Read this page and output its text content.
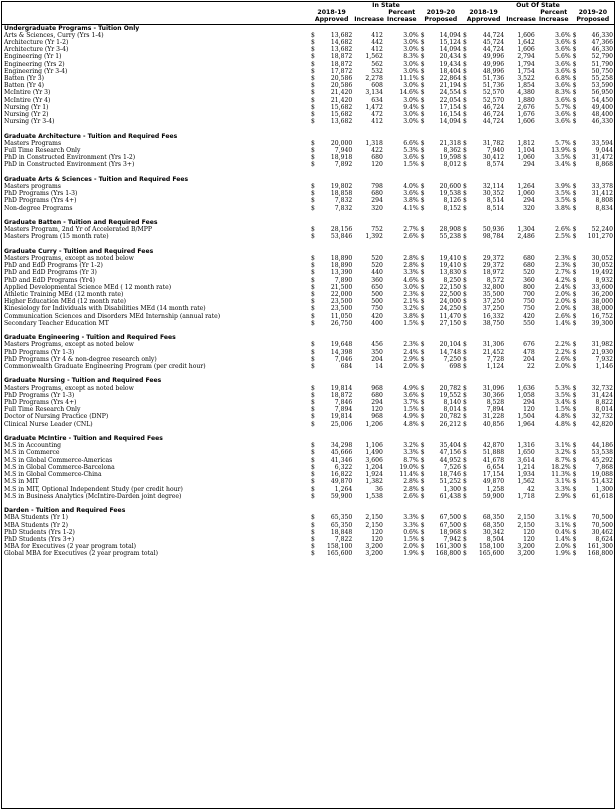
	In State						Out Of State					
	2018-19			Percent	2019-20		2018-19			Percent	2019-20	
	Approved		Increase	Increase	Proposed		Approved		Increase	Increase	Proposed	
Undergraduate Programs - Tuition Only												
Arts & Sciences, Curry (Yrs 1-4)	$	13,682	412	3.0%	$	14,094	$	44,724	1,606	3.6%	$	46,330
Architecture (Yr 1-2)	$	14,682	442	3.0%	$	15,124	$	45,724	1,642	3.6%	$	47,366
Architecture (Yr 3-4)	$	13,682	412	3.0%	$	14,094	$	44,724	1,606	3.6%	$	46,330
Engineering (Yr 1)	$	18,872	1,562	8.3%	$	20,434	$	49,996	2,794	5.6%	$	52,790
Engineering (Yrs 2)	$	18,872	562	3.0%	$	19,434	$	49,996	1,794	3.6%	$	51,790
Engineering (Yr 3-4)	$	17,872	532	3.0%	$	18,404	$	48,996	1,754	3.6%	$	50,750
Batten (Yr 3)	$	20,586	2,278	11.1%	$	22,864	$	51,736	3,522	6.8%	$	55,258
Batten (Yr 4)	$	20,586	608	3.0%	$	21,194	$	51,736	1,854	3.6%	$	53,590
McIntire (Yr 3)	$	21,420	3,134	14.6%	$	24,554	$	52,570	4,380	8.3%	$	56,950
McIntire (Yr 4)	$	21,420	634	3.0%	$	22,054	$	52,570	1,880	3.6%	$	54,450
Nursing (Yr 1)	$	15,682	1,472	9.4%	$	17,154	$	46,724	2,676	5.7%	$	49,400
Nursing (Yr 2)	$	15,682	472	3.0%	$	16,154	$	46,724	1,676	3.6%	$	48,400
Nursing (Yr 3-4)	$	13,682	412	3.0%	$	14,094	$	44,724	1,606	3.6%	$	46,330

Graduate Architecture - Tuition and Required Fees												
Masters Programs	$	20,000	1,318	6.6%	$	21,318	$	31,782	1,812	5.7%	$	33,594
Full Time Research Only	$	7,940	422	5.3%	$	8,362	$	7,940	1,104	13.9%	$	9,044
PhD in Constructed Environment (Yrs 1-2)	$	18,918	680	3.6%	$	19,598	$	30,412	1,060	3.5%	$	31,472
PhD in Constructed Environment (Yrs 3+)	$	7,892	120	1.5%	$	8,012	$	8,574	294	3.4%	$	8,868

Graduate Arts & Sciences - Tuition and Required Fees												
Masters programs	$	19,802	798	4.0%	$	20,600	$	32,114	1,264	3.9%	$	33,378
PhD Programs (Yrs 1-3)	$	18,858	680	3.6%	$	19,538	$	30,352	1,060	3.5%	$	31,412
PhD Programs (Yrs 4+)	$	7,832	294	3.8%	$	8,126	$	8,514	294	3.5%	$	8,808
Non-degree Programs	$	7,832	320	4.1%	$	8,152	$	8,514	320	3.8%	$	8,834

Graduate Batten - Tuition and Required Fees												
Masters Program, 2nd Yr of Accelerated B/MPP	$	28,156	752	2.7%	$	28,908	$	50,936	1,304	2.6%	$	52,240
Masters Program (15 month rate)	$	53,846	1,392	2.6%	$	55,238	$	98,784	2,486	2.5%	$	101,270

Graduate Curry - Tuition and Required Fees												
Masters Programs, except as noted below	$	18,890	520	2.8%	$	19,410	$	29,372	680	2.3%	$	30,052
PhD and EdD Programs (Yr 1-2)	$	18,890	520	2.8%	$	19,410	$	29,372	680	2.3%	$	30,052
PhD and EdD Programs (Yr 3)	$	13,390	440	3.3%	$	13,830	$	18,972	520	2.7%	$	19,492
PhD and EdD Programs (Yr4)	$	7,890	360	4.6%	$	8,250	$	8,572	360	4.2%	$	8,932
Applied Developmental Science MEd ( 12 month rate)	$	21,500	650	3.0%	$	22,150	$	32,800	800	2.4%	$	33,600
Athletic Training MEd (12 month rate)	$	22,000	500	2.3%	$	22,500	$	35,500	700	2.0%	$	36,200
Higher Education MEd (12 month rate)	$	23,500	500	2.1%	$	24,000	$	37,250	750	2.0%	$	38,000
Kinesiology for Individuals with Disabilities MEd (14 month rate)	$	23,500	750	3.2%	$	24,250	$	37,250	750	2.0%	$	38,000
Communication Sciences and Disorders MEd Internship (annual rate)	$	11,050	420	3.8%	$	11,470	$	16,332	420	2.6%	$	16,752
Secondary Teacher Education MT	$	26,750	400	1.5%	$	27,150	$	38,750	550	1.4%	$	39,300

Graduate Engineering - Tuition and Required Fees												
Masters Programs, except as noted below	$	19,648	456	2.3%	$	20,104	$	31,306	676	2.2%	$	31,982
PhD Programs (Yr 1-3)	$	14,398	350	2.4%	$	14,748	$	21,452	478	2.2%	$	21,930
PhD Programs (Yr 4 & non-degree research only)	$	7,046	204	2.9%	$	7,250	$	7,728	204	2.6%	$	7,932
Commonwealth Graduate Engineering Program (per credit hour)	$	684	14	2.0%	$	698	$	1,124	22	2.0%	$	1,146

Graduate Nursing - Tuition and Required Fees												
Masters Programs, except as noted below	$	19,814	968	4.9%	$	20,782	$	31,096	1,636	5.3%	$	32,732
PhD Programs (Yr 1-3)	$	18,872	680	3.6%	$	19,552	$	30,366	1,058	3.5%	$	31,424
PhD Programs (Yrs 4+)	$	7,846	294	3.7%	$	8,140	$	8,528	294	3.4%	$	8,822
Full Time Research Only	$	7,894	120	1.5%	$	8,014	$	7,894	120	1.5%	$	8,014
Doctor of Nursing Practice (DNP)	$	19,814	968	4.9%	$	20,782	$	31,228	1,504	4.8%	$	32,732
Clinical Nurse Leader (CNL)	$	25,006	1,206	4.8%	$	26,212	$	40,856	1,964	4.8%	$	42,820

Graduate McIntire - Tuition and Required Fees												
M.S in Accounting	$	34,298	1,106	3.2%	$	35,404	$	42,870	1,316	3.1%	$	44,186
M.S in Commerce	$	45,666	1,490	3.3%	$	47,156	$	51,888	1,650	3.2%	$	53,538
M.S in Global Commerce-Americas	$	41,346	3,606	8.7%	$	44,952	$	41,678	3,614	8.7%	$	45,292
M.S in Global Commerce-Barcelona	$	6,322	1,204	19.0%	$	7,526	$	6,654	1,214	18.2%	$	7,868
M.S in Global Commerce-China	$	16,822	1,924	11.4%	$	18,746	$	17,154	1,934	11.3%	$	19,088
M.S in MIT	$	49,870	1,382	2.8%	$	51,252	$	49,870	1,562	3.1%	$	51,432
M.S in MIT, Optional Independent Study (per credit hour)	$	1,264	36	2.8%	$	1,300	$	1,258	42	3.3%	$	1,300
M.S in Business Analytics (McIntire-Darden joint degree)	$	59,900	1,538	2.6%	$	61,438	$	59,900	1,718	2.9%	$	61,618

Darden - Tuition and Required Fees												
MBA Students (Yr 1)	$	65,350	2,150	3.3%	$	67,500	$	68,350	2,150	3.1%	$	70,500
MBA Students (Yr 2)	$	65,350	2,150	3.3%	$	67,500	$	68,350	2,150	3.1%	$	70,500
PhD Students (Yrs 1-2)	$	18,848	120	0.6%	$	18,968	$	30,342	120	0.4%	$	30,462
PhD Students (Yrs 3+)	$	7,822	120	1.5%	$	7,942	$	8,504	120	1.4%	$	8,624
MBA for Executives (2 year program total)	$	158,100	3,200	2.0%	$	161,300	$	158,100	3,200	2.0%	$	161,300
Global MBA for Executives (2 year program total)	$	165,600	3,200	1.9%	$	168,800	$	165,600	3,200	1.9%	$	168,800
